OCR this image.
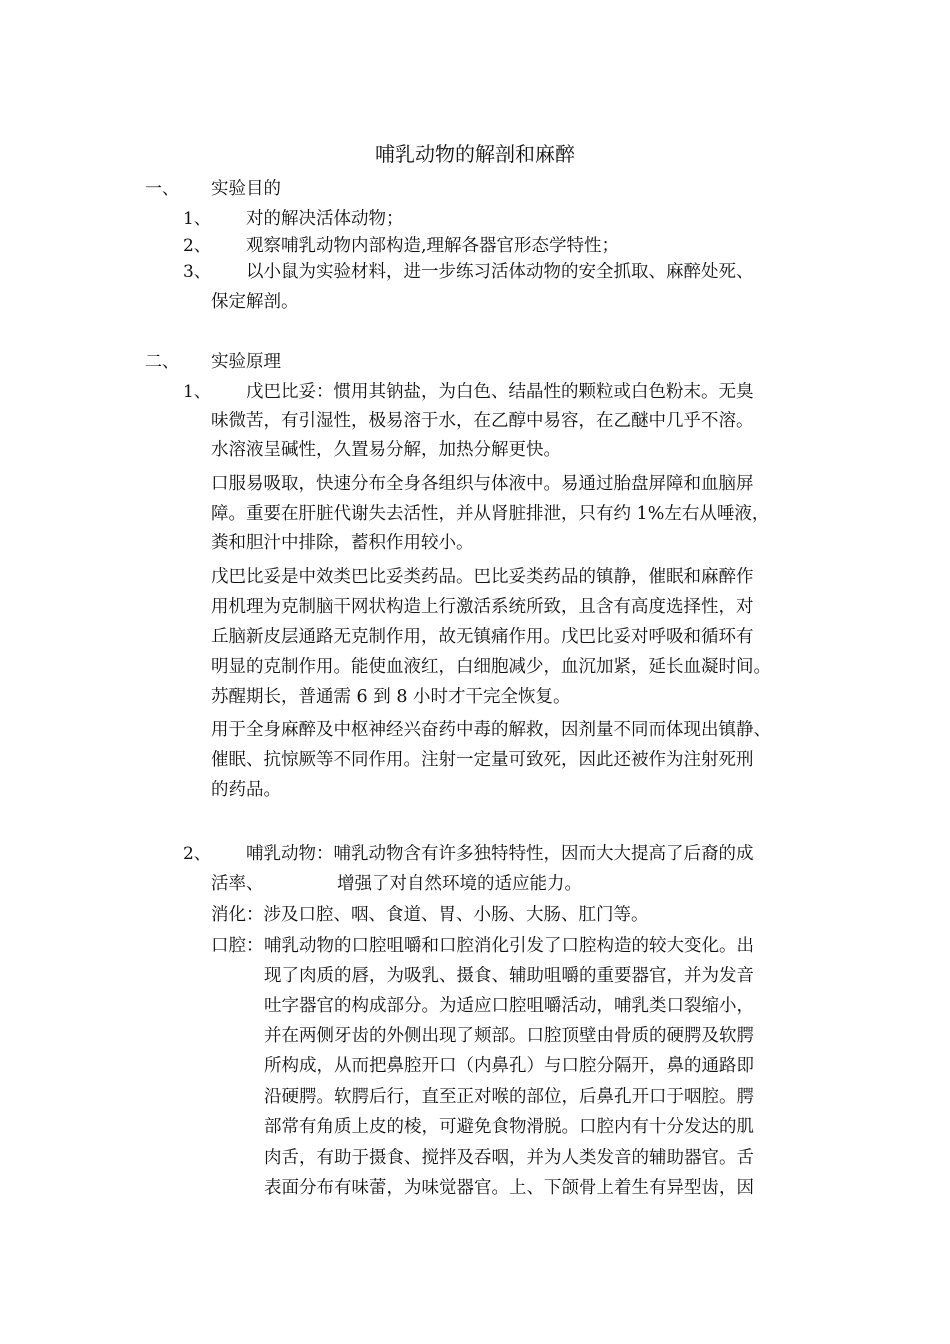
哺乳动物的解剖和麻醉
一、 实验目的
1、 对的解决活体动物；
2、 观察哺乳动物内部构造,理解各器官形态学特性；
3、 以小鼠为实验材料，进一步练习活体动物的安全抓取、麻醉处死、
保定解剖。
二、 实验原理
1、 戊巴比妥：惯用其钠盐，为白色、结晶性的颗粒或白色粉末。无臭
味微苦，有引湿性，极易溶于水，在乙醇中易容，在乙醚中几乎不溶。
水溶液呈碱性，久置易分解，加热分解更快。
口服易吸取，快速分布全身各组织与体液中。易通过胎盘屏障和血脑屏
障。重要在肝脏代谢失去活性，并从肾脏排泄，只有约 1%左右从唾液，
粪和胆汁中排除，蓄积作用较小。
戊巴比妥是中效类巴比妥类药品。巴比妥类药品的镇静，催眠和麻醉作
用机理为克制脑干网状构造上行激活系统所致，且含有高度选择性，对
丘脑新皮层通路无克制作用，故无镇痛作用。戊巴比妥对呼吸和循环有
明显的克制作用。能使血液红，白细胞减少，血沉加紧，延长血凝时间。
苏醒期长，普通需 6 到 8 小时才干完全恢复。
用于全身麻醉及中枢神经兴奋药中毒的解救，因剂量不同而体现出镇静、
催眠、抗惊厥等不同作用。注射一定量可致死，因此还被作为注射死刑
的药品。
2、 哺乳动物：哺乳动物含有许多独特特性，因而大大提高了后裔的成
活率、	增强了对自然环境的适应能力。
消化：涉及口腔、咽、食道、胃、小肠、大肠、肛门等。
口腔： 哺乳动物的口腔咀嚼和口腔消化引发了口腔构造的较大变化。出
现了肉质的唇，为吸乳、摄食、辅助咀嚼的重要器官，并为发音
吐字器官的构成部分。为适应口腔咀嚼活动，哺乳类口裂缩小，
并在两侧牙齿的外侧出现了颊部。口腔顶壁由骨质的硬腭及软腭
所构成，从而把鼻腔开口（内鼻孔）与口腔分隔开，鼻的通路即
沿硬腭。软腭后行，直至正对喉的部位，后鼻孔开口于咽腔。腭
部常有角质上皮的棱，可避免食物滑脱。口腔内有十分发达的肌
肉舌，有助于摄食、搅拌及吞咽，并为人类发音的辅助器官。舌
表面分布有味蕾，为味觉器官。上、下颌骨上着生有异型齿，因
